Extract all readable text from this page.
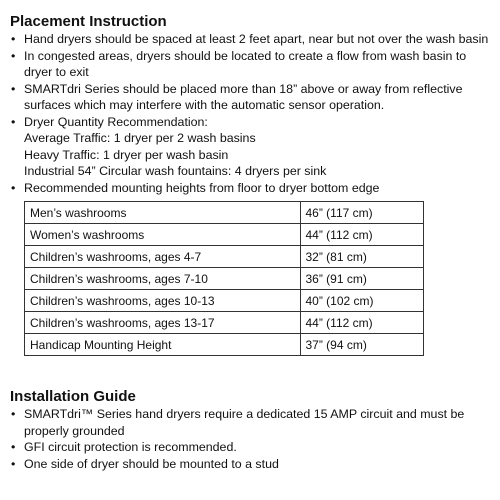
Placement Instruction
• Hand dryers should be spaced at least 2 feet apart, near but not over the wash basin
• In congested areas, dryers should be located to create a flow from wash basin to dryer to exit
• SMARTdri Series should be placed more than 18” above or away from reflective surfaces which may interfere with the automatic sensor operation.
• Dryer Quantity Recommendation:
Average Traffic: 1 dryer per 2 wash basins
Heavy Traffic: 1 dryer per wash basin
Industrial 54” Circular wash fountains: 4 dryers per sink
• Recommended mounting heights from floor to dryer bottom edge
Men’s washrooms	46” (117 cm)
Women’s washrooms	44” (112 cm)
Children’s washrooms, ages 4-7	32” (81 cm)
Children’s washrooms, ages 7-10	36” (91 cm)
Children’s washrooms, ages 10-13	40” (102 cm)
Children’s washrooms, ages 13-17	44” (112 cm)
Handicap Mounting Height	37” (94 cm)
Installation Guide
• SMARTdri™ Series hand dryers require a dedicated 15 AMP circuit and must be properly grounded
• GFI circuit protection is recommended.
• One side of dryer should be mounted to a stud
